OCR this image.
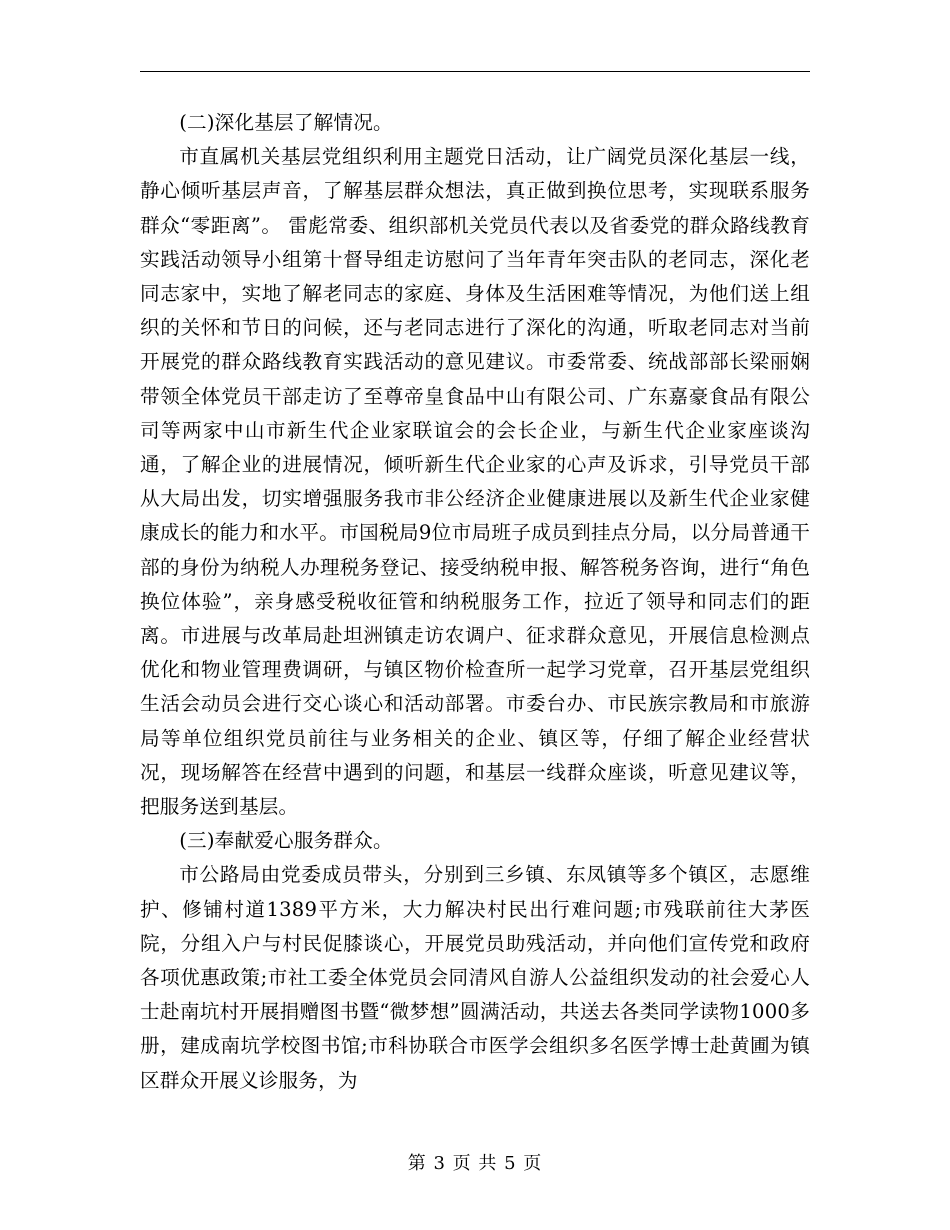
(二)深化基层了解情况。

市直属机关基层党组织利用主题党日活动，让广阔党员深化基层一线，静心倾听基层声音，了解基层群众想法，真正做到换位思考，实现联系服务群众“零距离”。 雷彪常委、组织部机关党员代表以及省委党的群众路线教育实践活动领导小组第十督导组走访慰问了当年青年突击队的老同志，深化老同志家中，实地了解老同志的家庭、身体及生活困难等情况，为他们送上组织的关怀和节日的问候，还与老同志进行了深化的沟通，听取老同志对当前开展党的群众路线教育实践活动的意见建议。市委常委、统战部部长梁丽娴带领全体党员干部走访了至尊帝皇食品中山有限公司、广东嘉豪食品有限公司等两家中山市新生代企业家联谊会的会长企业，与新生代企业家座谈沟通，了解企业的进展情况，倾听新生代企业家的心声及诉求，引导党员干部从大局出发，切实增强服务我市非公经济企业健康进展以及新生代企业家健康成长的能力和水平。市国税局9位市局班子成员到挂点分局，以分局普通干部的身份为纳税人办理税务登记、接受纳税申报、解答税务咨询，进行“角色换位体验”，亲身感受税收征管和纳税服务工作，拉近了领导和同志们的距离。市进展与改革局赴坦洲镇走访农调户、征求群众意见，开展信息检测点优化和物业管理费调研，与镇区物价检查所一起学习党章，召开基层党组织生活会动员会进行交心谈心和活动部署。市委台办、市民族宗教局和市旅游局等单位组织党员前往与业务相关的企业、镇区等，仔细了解企业经营状况，现场解答在经营中遇到的问题，和基层一线群众座谈，听意见建议等，把服务送到基层。

(三)奉献爱心服务群众。

市公路局由党委成员带头，分别到三乡镇、东凤镇等多个镇区，志愿维护、修铺村道1389平方米，大力解决村民出行难问题;市残联前往大茅医院，分组入户与村民促膝谈心，开展党员助残活动，并向他们宣传党和政府各项优惠政策;市社工委全体党员会同清风自游人公益组织发动的社会爱心人士赴南坑村开展捐赠图书暨“微梦想”圆满活动，共送去各类同学读物1000多册，建成南坑学校图书馆;市科协联合市医学会组织多名医学博士赴黄圃为镇区群众开展义诊服务，为

第 3 页 共 5 页
